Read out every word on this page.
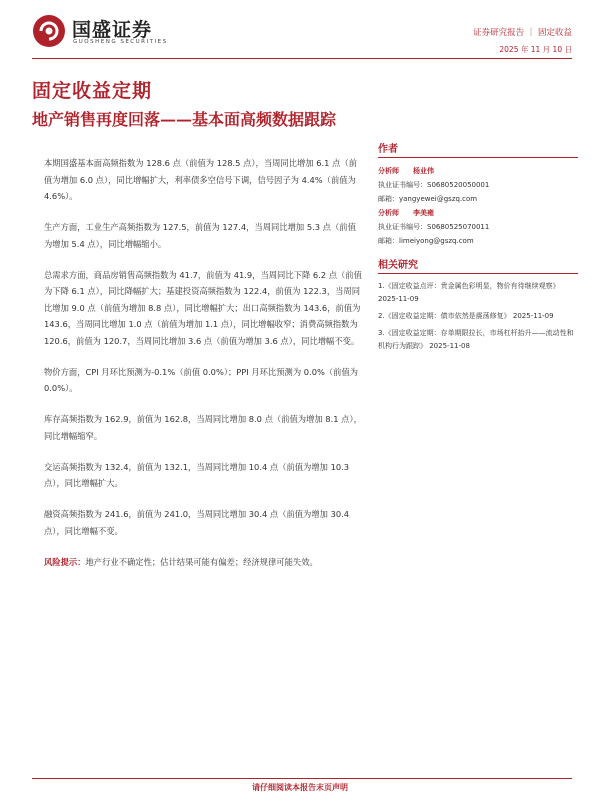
国盛证券
GUOSHENG SECURITIES
证券研究报告 ｜ 固定收益
2025 年 11 月 10 日
固定收益定期
地产销售再度回落——基本面高频数据跟踪

本期国盛基本面高频指数为 128.6 点（前值为 128.5 点），当周同比增加 6.1 点（前值为增加 6.0 点），同比增幅扩大，利率债多空信号下调，信号因子为 4.4%（前值为 4.6%）。

生产方面，工业生产高频指数为 127.5，前值为 127.4，当周同比增加 5.3 点（前值为增加 5.4 点），同比增幅缩小。

总需求方面，商品房销售高频指数为 41.7，前值为 41.9，当周同比下降 6.2 点（前值为下降 6.1 点），同比降幅扩大；基建投资高频指数为 122.4，前值为 122.3，当周同比增加 9.0 点（前值为增加 8.8 点），同比增幅扩大；出口高频指数为 143.6，前值为 143.6，当周同比增加 1.0 点（前值为增加 1.1 点），同比增幅收窄；消费高频指数为 120.6，前值为 120.7，当周同比增加 3.6 点（前值为增加 3.6 点），同比增幅不变。

物价方面，CPI 月环比预测为-0.1%（前值 0.0%）；PPI 月环比预测为 0.0%（前值为 0.0%）。

库存高频指数为 162.9，前值为 162.8，当周同比增加 8.0 点（前值为增加 8.1 点），同比增幅缩窄。

交运高频指数为 132.4，前值为 132.1，当周同比增加 10.4 点（前值为增加 10.3 点），同比增幅扩大。

融资高频指数为 241.6，前值为 241.0，当周同比增加 30.4 点（前值为增加 30.4 点），同比增幅不变。

风险提示：地产行业不确定性；估计结果可能有偏差；经济规律可能失效。

作者
分析师 杨业伟
执业证书编号：S0680520050001
邮箱：yangyewei@gszq.com
分析师 李美雍
执业证书编号：S0680525070011
邮箱：limeiyong@gszq.com
相关研究
1.《固定收益点评：贵金属色彩明显，物价有待继续观察》 2025-11-09
2.《固定收益定期：债市依然是震荡修复》 2025-11-09
3.《固定收益定期：存单期限拉长，市场杠杆抬升——流动性和机构行为跟踪》 2025-11-08
请仔细阅读本报告末页声明
